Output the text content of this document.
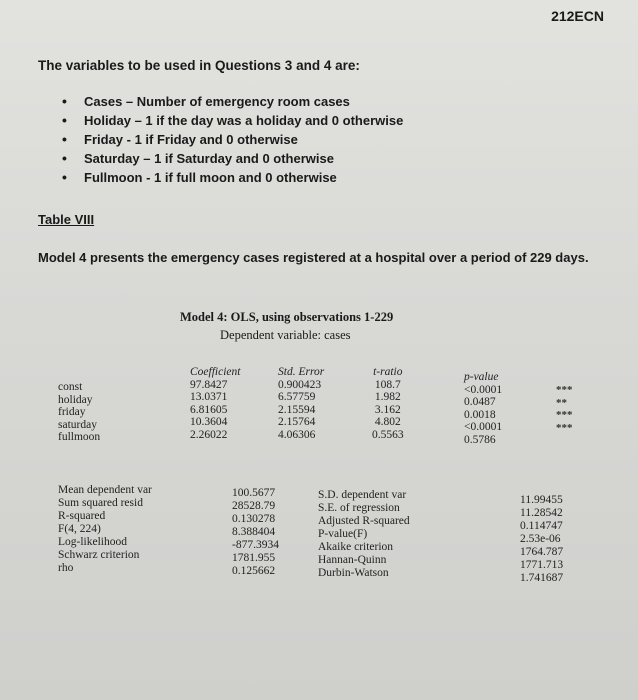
212ECN
The variables to be used in Questions 3 and 4 are:
• Cases – Number of emergency room cases
• Holiday – 1 if the day was a holiday and 0 otherwise
• Friday - 1 if Friday and 0 otherwise
• Saturday – 1 if Saturday and 0 otherwise
• Fullmoon - 1 if full moon and 0 otherwise
Table VIII
Model 4 presents the emergency cases registered at a hospital over a period of 229 days.
Model 4: OLS, using observations 1-229
Dependent variable: cases
const
holiday
friday
saturday
fullmoon
Coefficient
97.8427
13.0371
6.81605
10.3604
2.26022
Std. Error
0.900423
6.57759
2.15594
2.15764
4.06306
t-ratio
108.7
1.982
3.162
4.802
0.5563
p-value
<0.0001
0.0487
0.0018
<0.0001
0.5786
***
**
***
***
Mean dependent var
Sum squared resid
R-squared
F(4, 224)
Log-likelihood
Schwarz criterion
rho
100.5677
28528.79
0.130278
8.388404
-877.3934
1781.955
0.125662
S.D. dependent var
S.E. of regression
Adjusted R-squared
P-value(F)
Akaike criterion
Hannan-Quinn
Durbin-Watson
11.99455
11.28542
0.114747
2.53e-06
1764.787
1771.713
1.741687
